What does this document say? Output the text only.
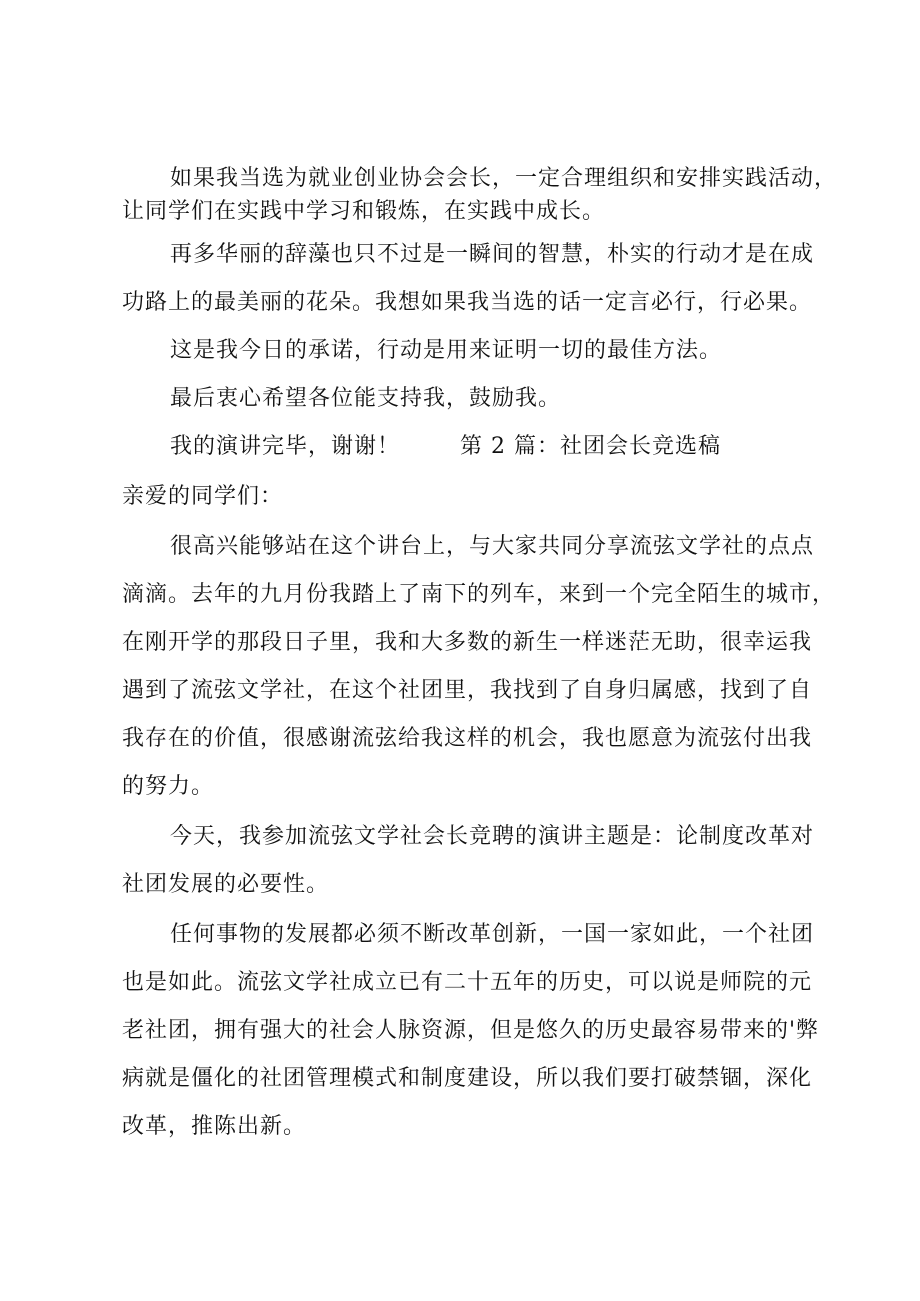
如果我当选为就业创业协会会长，一定合理组织和安排实践活动，
让同学们在实践中学习和锻炼，在实践中成长。
再多华丽的辞藻也只不过是一瞬间的智慧，朴实的行动才是在成
功路上的最美丽的花朵。我想如果我当选的话一定言必行，行必果。
这是我今日的承诺，行动是用来证明一切的最佳方法。
最后衷心希望各位能支持我，鼓励我。
我的演讲完毕，谢谢！	第 2 篇：社团会长竞选稿
亲爱的同学们：
很高兴能够站在这个讲台上，与大家共同分享流弦文学社的点点
滴滴。去年的九月份我踏上了南下的列车，来到一个完全陌生的城市，
在刚开学的那段日子里，我和大多数的新生一样迷茫无助，很幸运我
遇到了流弦文学社，在这个社团里，我找到了自身归属感，找到了自
我存在的价值，很感谢流弦给我这样的机会，我也愿意为流弦付出我
的努力。
今天，我参加流弦文学社会长竞聘的演讲主题是：论制度改革对
社团发展的必要性。
任何事物的发展都必须不断改革创新，一国一家如此，一个社团
也是如此。流弦文学社成立已有二十五年的历史，可以说是师院的元
老社团，拥有强大的社会人脉资源，但是悠久的历史最容易带来的'弊
病就是僵化的社团管理模式和制度建设，所以我们要打破禁锢，深化
改革，推陈出新。
